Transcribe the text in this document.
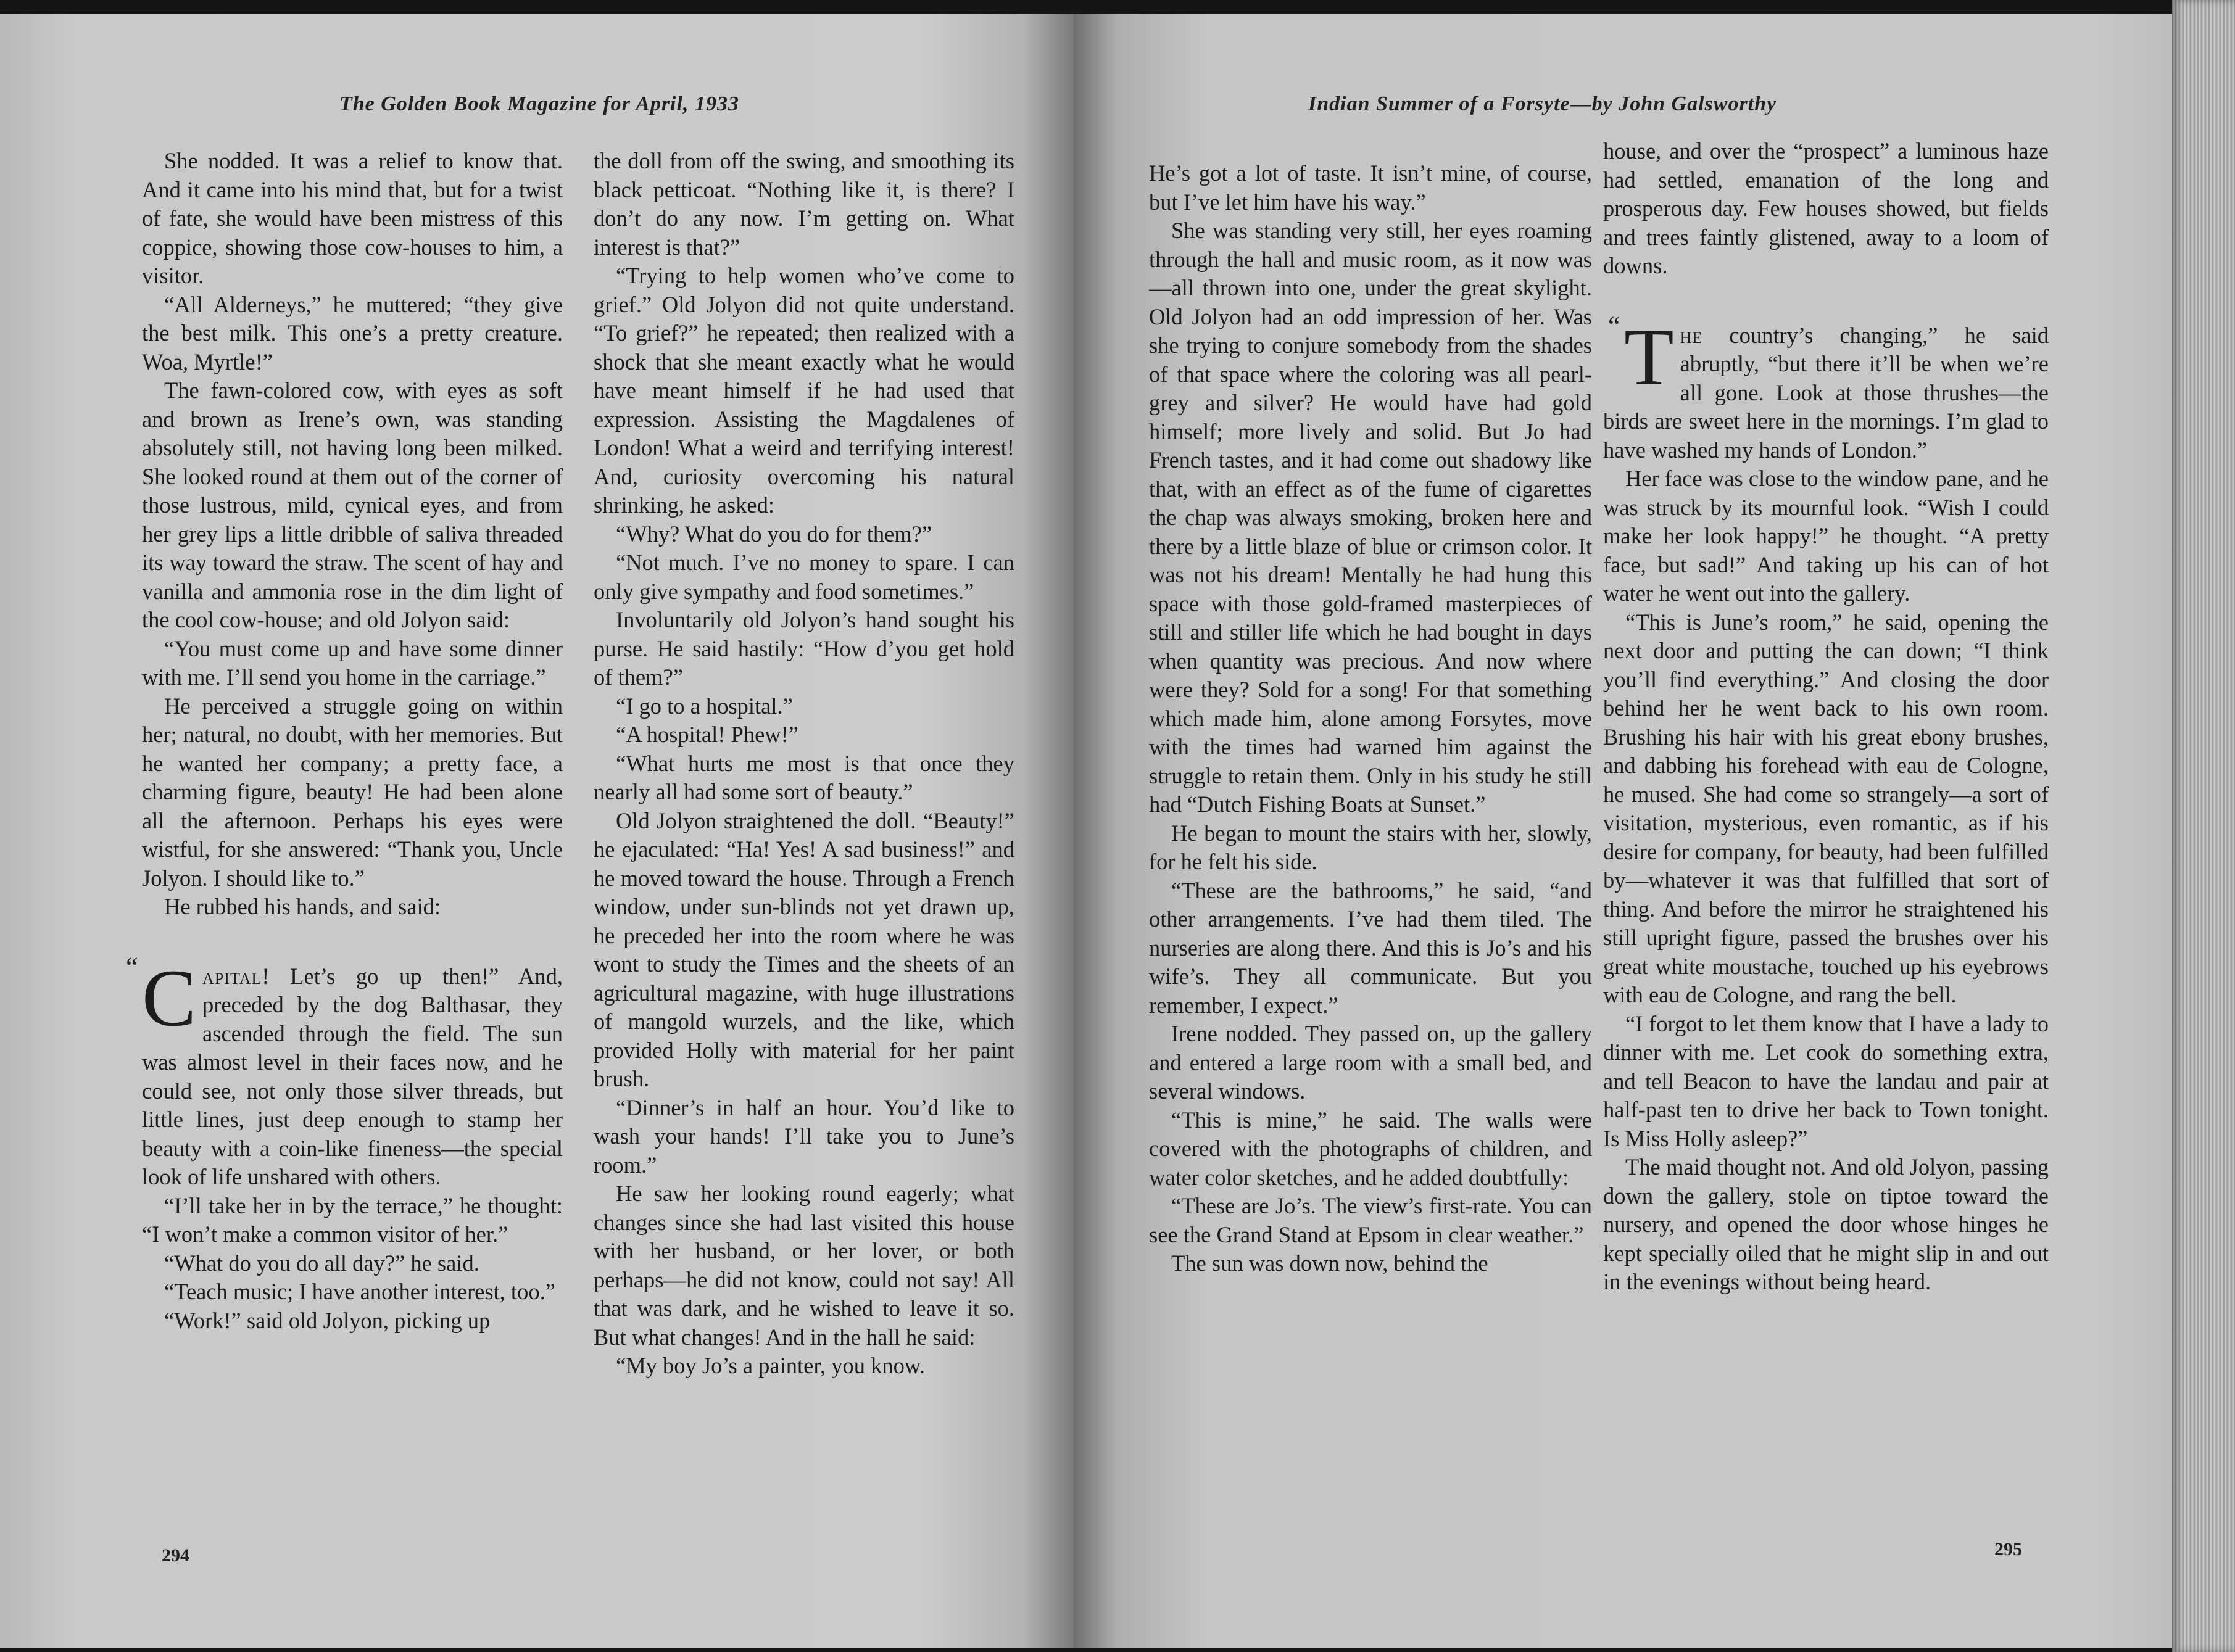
The Golden Book Magazine for April, 1933	Indian Summer of a Forsyte—by John Galsworthy

She nodded. It was a relief to know that. And it came into his mind that, but for a twist of fate, she would have been mistress of this coppice, showing those cow-houses to him, a visitor.

“All Alderneys,” he muttered; “they give the best milk. This one’s a pretty creature. Woa, Myrtle!”

The fawn-colored cow, with eyes as soft and brown as Irene’s own, was standing absolutely still, not having long been milked. She looked round at them out of the corner of those lustrous, mild, cynical eyes, and from her grey lips a little dribble of saliva threaded its way toward the straw. The scent of hay and vanilla and ammonia rose in the dim light of the cool cow-house; and old Jolyon said:

“You must come up and have some dinner with me. I’ll send you home in the carriage.”

He perceived a struggle going on within her; natural, no doubt, with her memories. But he wanted her company; a pretty face, a charming figure, beauty! He had been alone all the afternoon. Perhaps his eyes were wistful, for she answered: “Thank you, Uncle Jolyon. I should like to.”

He rubbed his hands, and said:

“ C apital! Let’s go up then!” And, preceded by the dog Balthasar, they ascended through the field. The sun was almost level in their faces now, and he could see, not only those silver threads, but little lines, just deep enough to stamp her beauty with a coin-like fineness—the special look of life unshared with others.

“I’ll take her in by the terrace,” he thought: “I won’t make a common visitor of her.”

“What do you do all day?” he said.

“Teach music; I have another interest, too.”

“Work!” said old Jolyon, picking up

the doll from off the swing, and smoothing its black petticoat. “Nothing like it, is there? I don’t do any now. I’m getting on. What interest is that?”

“Trying to help women who’ve come to grief.” Old Jolyon did not quite understand. “To grief?” he repeated; then realized with a shock that she meant exactly what he would have meant himself if he had used that expression. Assisting the Magdalenes of London! What a weird and terrifying interest! And, curiosity overcoming his natural shrinking, he asked:

“Why? What do you do for them?”

“Not much. I’ve no money to spare. I can only give sympathy and food sometimes.”

Involuntarily old Jolyon’s hand sought his purse. He said hastily: “How d’you get hold of them?”

“I go to a hospital.”

“A hospital! Phew!”

“What hurts me most is that once they nearly all had some sort of beauty.”

Old Jolyon straightened the doll. “Beauty!” he ejaculated: “Ha! Yes! A sad business!” and he moved toward the house. Through a French window, under sun-blinds not yet drawn up, he preceded her into the room where he was wont to study the Times and the sheets of an agricultural magazine, with huge illustrations of mangold wurzels, and the like, which provided Holly with material for her paint brush.

“Dinner’s in half an hour. You’d like to wash your hands! I’ll take you to June’s room.”

He saw her looking round eagerly; what changes since she had last visited this house with her husband, or her lover, or both perhaps—he did not know, could not say! All that was dark, and he wished to leave it so. But what changes! And in the hall he said:

“My boy Jo’s a painter, you know.

He’s got a lot of taste. It isn’t mine, of course, but I’ve let him have his way.”

She was standing very still, her eyes roaming through the hall and music room, as it now was—all thrown into one, under the great skylight. Old Jolyon had an odd impression of her. Was she trying to conjure somebody from the shades of that space where the coloring was all pearl-grey and silver? He would have had gold himself; more lively and solid. But Jo had French tastes, and it had come out shadowy like that, with an effect as of the fume of cigarettes the chap was always smoking, broken here and there by a little blaze of blue or crimson color. It was not his dream! Mentally he had hung this space with those gold-framed masterpieces of still and stiller life which he had bought in days when quantity was precious. And now where were they? Sold for a song! For that something which made him, alone among Forsytes, move with the times had warned him against the struggle to retain them. Only in his study he still had “Dutch Fishing Boats at Sunset.”

He began to mount the stairs with her, slowly, for he felt his side.

“These are the bathrooms,” he said, “and other arrangements. I’ve had them tiled. The nurseries are along there. And this is Jo’s and his wife’s. They all communicate. But you remember, I expect.”

Irene nodded. They passed on, up the gallery and entered a large room with a small bed, and several windows.

“This is mine,” he said. The walls were covered with the photographs of children, and water color sketches, and he added doubtfully:

“These are Jo’s. The view’s first-rate. You can see the Grand Stand at Epsom in clear weather.”

The sun was down now, behind the

house, and over the “prospect” a luminous haze had settled, emanation of the long and prosperous day. Few houses showed, but fields and trees faintly glistened, away to a loom of downs.

“ T he country’s changing,” he said abruptly, “but there it’ll be when we’re all gone. Look at those thrushes—the birds are sweet here in the mornings. I’m glad to have washed my hands of London.”

Her face was close to the window pane, and he was struck by its mournful look. “Wish I could make her look happy!” he thought. “A pretty face, but sad!” And taking up his can of hot water he went out into the gallery.

“This is June’s room,” he said, opening the next door and putting the can down; “I think you’ll find everything.” And closing the door behind her he went back to his own room. Brushing his hair with his great ebony brushes, and dabbing his forehead with eau de Cologne, he mused. She had come so strangely—a sort of visitation, mysterious, even romantic, as if his desire for company, for beauty, had been fulfilled by—whatever it was that fulfilled that sort of thing. And before the mirror he straightened his still upright figure, passed the brushes over his great white moustache, touched up his eyebrows with eau de Cologne, and rang the bell.

“I forgot to let them know that I have a lady to dinner with me. Let cook do something extra, and tell Beacon to have the landau and pair at half-past ten to drive her back to Town tonight. Is Miss Holly asleep?”

The maid thought not. And old Jolyon, passing down the gallery, stole on tiptoe toward the nursery, and opened the door whose hinges he kept specially oiled that he might slip in and out in the evenings without being heard.

294	295
